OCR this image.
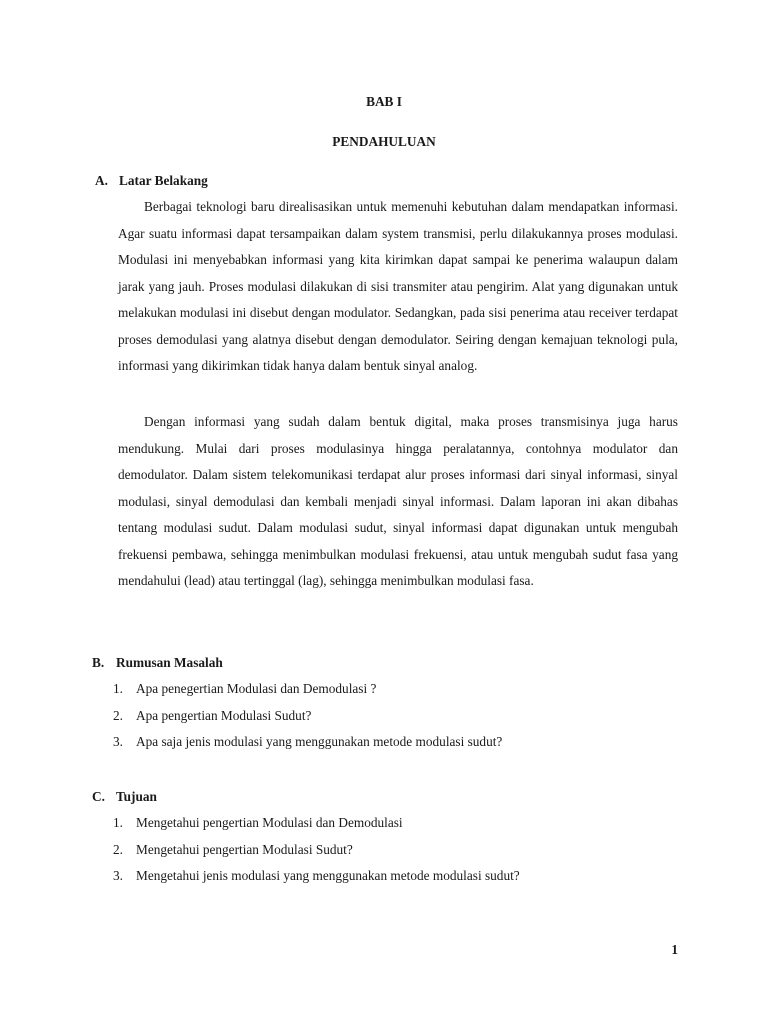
BAB I
PENDAHULUAN
A. Latar Belakang

Berbagai teknologi baru direalisasikan untuk memenuhi kebutuhan dalam mendapatkan informasi. Agar suatu informasi dapat tersampaikan dalam system transmisi, perlu dilakukannya proses modulasi. Modulasi ini menyebabkan informasi yang kita kirimkan dapat sampai ke penerima walaupun dalam jarak yang jauh. Proses modulasi dilakukan di sisi transmiter atau pengirim. Alat yang digunakan untuk melakukan modulasi ini disebut dengan modulator. Sedangkan, pada sisi penerima atau receiver terdapat proses demodulasi yang alatnya disebut dengan demodulator. Seiring dengan kemajuan teknologi pula, informasi yang dikirimkan tidak hanya dalam bentuk sinyal analog.

Dengan informasi yang sudah dalam bentuk digital, maka proses transmisinya juga harus mendukung. Mulai dari proses modulasinya hingga peralatannya, contohnya modulator dan demodulator. Dalam sistem telekomunikasi terdapat alur proses informasi dari sinyal informasi, sinyal modulasi, sinyal demodulasi dan kembali menjadi sinyal informasi. Dalam laporan ini akan dibahas tentang modulasi sudut. Dalam modulasi sudut, sinyal informasi dapat digunakan untuk mengubah frekuensi pembawa, sehingga menimbulkan modulasi frekuensi, atau untuk mengubah sudut fasa yang mendahului (lead) atau tertinggal (lag), sehingga menimbulkan modulasi fasa.

B. Rumusan Masalah
1. Apa penegertian Modulasi dan Demodulasi ?
2. Apa pengertian Modulasi Sudut?
3. Apa saja jenis modulasi yang menggunakan metode modulasi sudut?
C. Tujuan
1. Mengetahui pengertian Modulasi dan Demodulasi
2. Mengetahui pengertian Modulasi Sudut?
3. Mengetahui jenis modulasi yang menggunakan metode modulasi sudut?
1
